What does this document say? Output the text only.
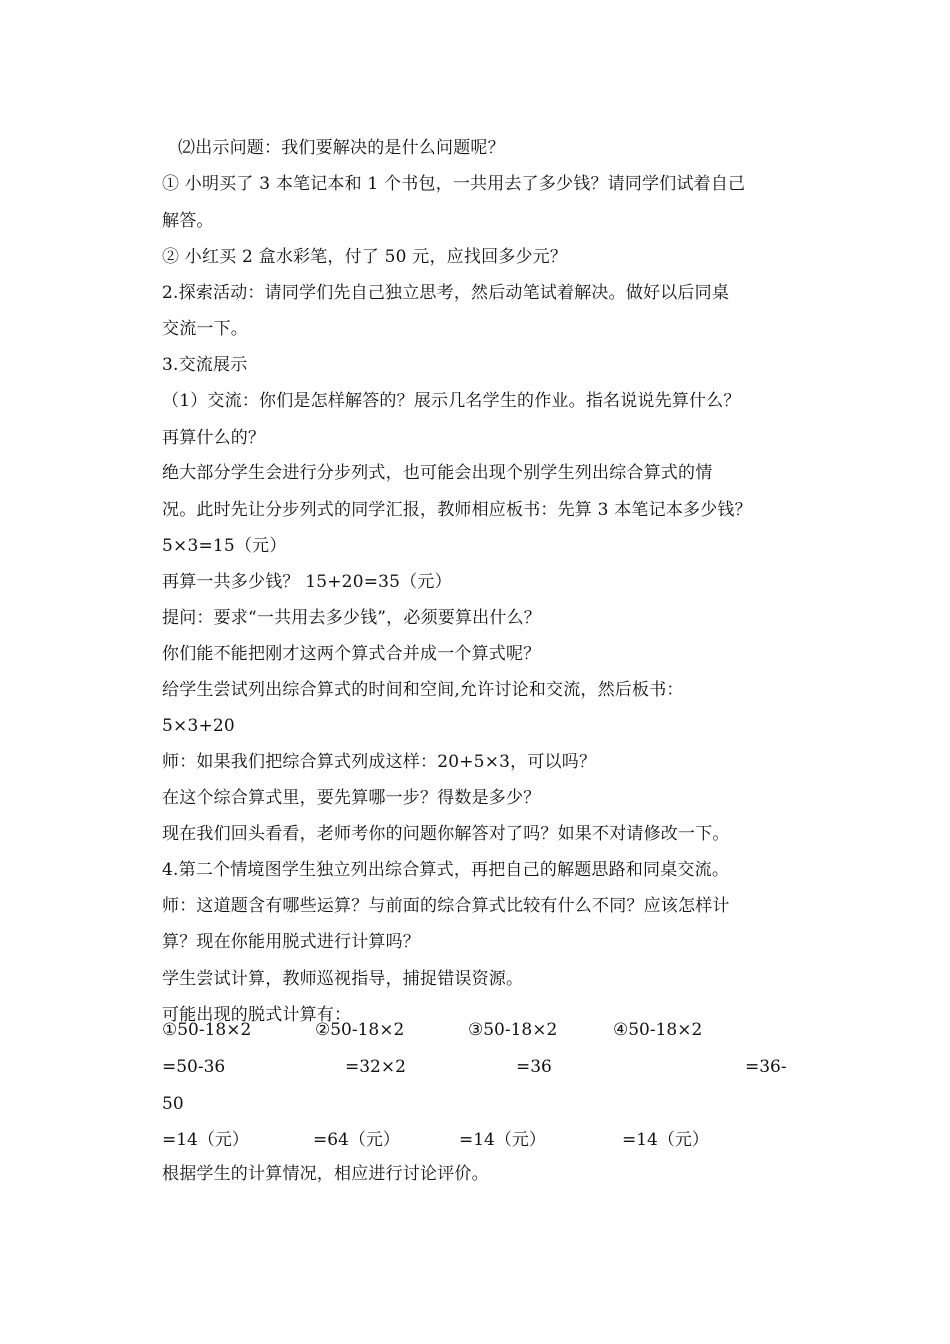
⑵出示问题：我们要解决的是什么问题呢？
① 小明买了 3 本笔记本和 1 个书包，一共用去了多少钱？请同学们试着自己
解答。
② 小红买 2 盒水彩笔，付了 50 元，应找回多少元？
2.探索活动：请同学们先自己独立思考，然后动笔试着解决。做好以后同桌
交流一下。
3.交流展示
（1）交流：你们是怎样解答的？展示几名学生的作业。指名说说先算什么？
再算什么的？
绝大部分学生会进行分步列式，也可能会出现个别学生列出综合算式的情
况。此时先让分步列式的同学汇报，教师相应板书：先算 3 本笔记本多少钱？
5×3=15（元）
再算一共多少钱？ 15+20=35（元）
提问：要求“一共用去多少钱”，必须要算出什么？
你们能不能把刚才这两个算式合并成一个算式呢？
给学生尝试列出综合算式的时间和空间,允许讨论和交流，然后板书：
5×3+20
师：如果我们把综合算式列成这样：20+5×3，可以吗？
在这个综合算式里，要先算哪一步？得数是多少？
现在我们回头看看，老师考你的问题你解答对了吗？如果不对请修改一下。
4.第二个情境图学生独立列出综合算式，再把自己的解题思路和同桌交流。
师：这道题含有哪些运算？与前面的综合算式比较有什么不同？应该怎样计
算？现在你能用脱式进行计算吗？
学生尝试计算，教师巡视指导，捕捉错误资源。
可能出现的脱式计算有：
①50-18×2	②50-18×2	③50-18×2	④50-18×2
=50-36	=32×2	=36	=36-
50
=14（元）	=64（元）	=14（元）	=14（元）
根据学生的计算情况，相应进行讨论评价。
